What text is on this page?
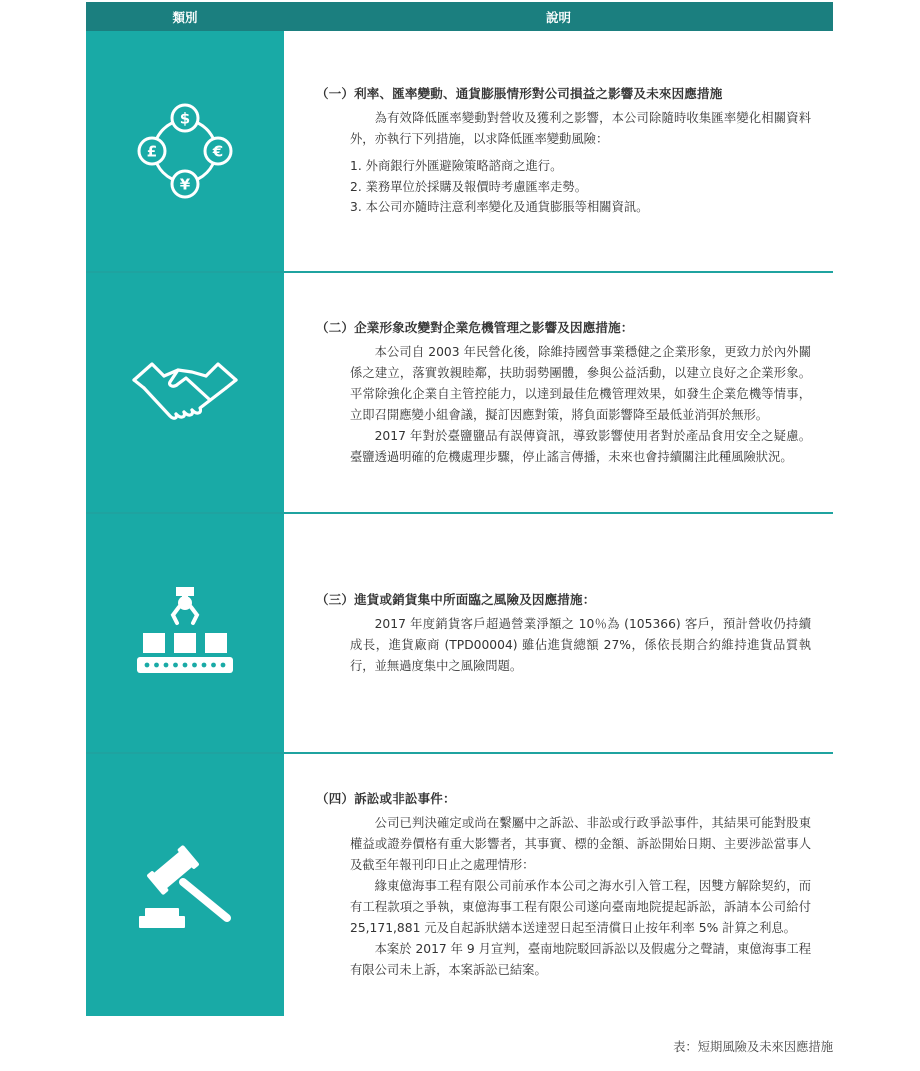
類別	說明
$
€
¥
£
（一）利率、匯率變動、通貨膨脹情形對公司損益之影響及未來因應措施

為有效降低匯率變動對營收及獲利之影響，本公司除隨時收集匯率變化相關資料外，亦執行下列措施，以求降低匯率變動風險：

1. 外商銀行外匯避險策略諮商之進行。
2. 業務單位於採購及報價時考慮匯率走勢。
3. 本公司亦隨時注意利率變化及通貨膨脹等相關資訊。
（二）企業形象改變對企業危機管理之影響及因應措施：

本公司自 2003 年民營化後，除維持國營事業穩健之企業形象，更致力於內外關係之建立，落實敦親睦鄰，扶助弱勢團體，參與公益活動，以建立良好之企業形象。平常除強化企業自主管控能力，以達到最佳危機管理效果，如發生企業危機等情事，立即召開應變小組會議，擬訂因應對策，將負面影響降至最低並消弭於無形。

2017 年對於臺鹽鹽品有誤傳資訊，導致影響使用者對於產品食用安全之疑慮。臺鹽透過明確的危機處理步驟，停止謠言傳播，未來也會持續關注此種風險狀況。

（三）進貨或銷貨集中所面臨之風險及因應措施：

2017 年度銷貨客戶超過營業淨額之 10％為 (105366) 客戶，預計營收仍持續成長，進貨廠商 (TPD00004) 雖佔進貨總額 27%，係依長期合約維持進貨品質執行，並無過度集中之風險問題。

（四）訴訟或非訟事件：

公司已判決確定或尚在繫屬中之訴訟、非訟或行政爭訟事件，其結果可能對股東權益或證券價格有重大影響者，其事實、標的金額、訴訟開始日期、主要涉訟當事人及截至年報刊印日止之處理情形：

緣東億海事工程有限公司前承作本公司之海水引入管工程，因雙方解除契約，而有工程款項之爭執，東億海事工程有限公司遂向臺南地院提起訴訟，訴請本公司給付 25,171,881 元及自起訴狀繕本送達翌日起至清償日止按年利率 5% 計算之利息。

本案於 2017 年 9 月宣判，臺南地院駁回訴訟以及假處分之聲請，東億海事工程有限公司未上訴，本案訴訟已結案。

表：短期風險及未來因應措施
